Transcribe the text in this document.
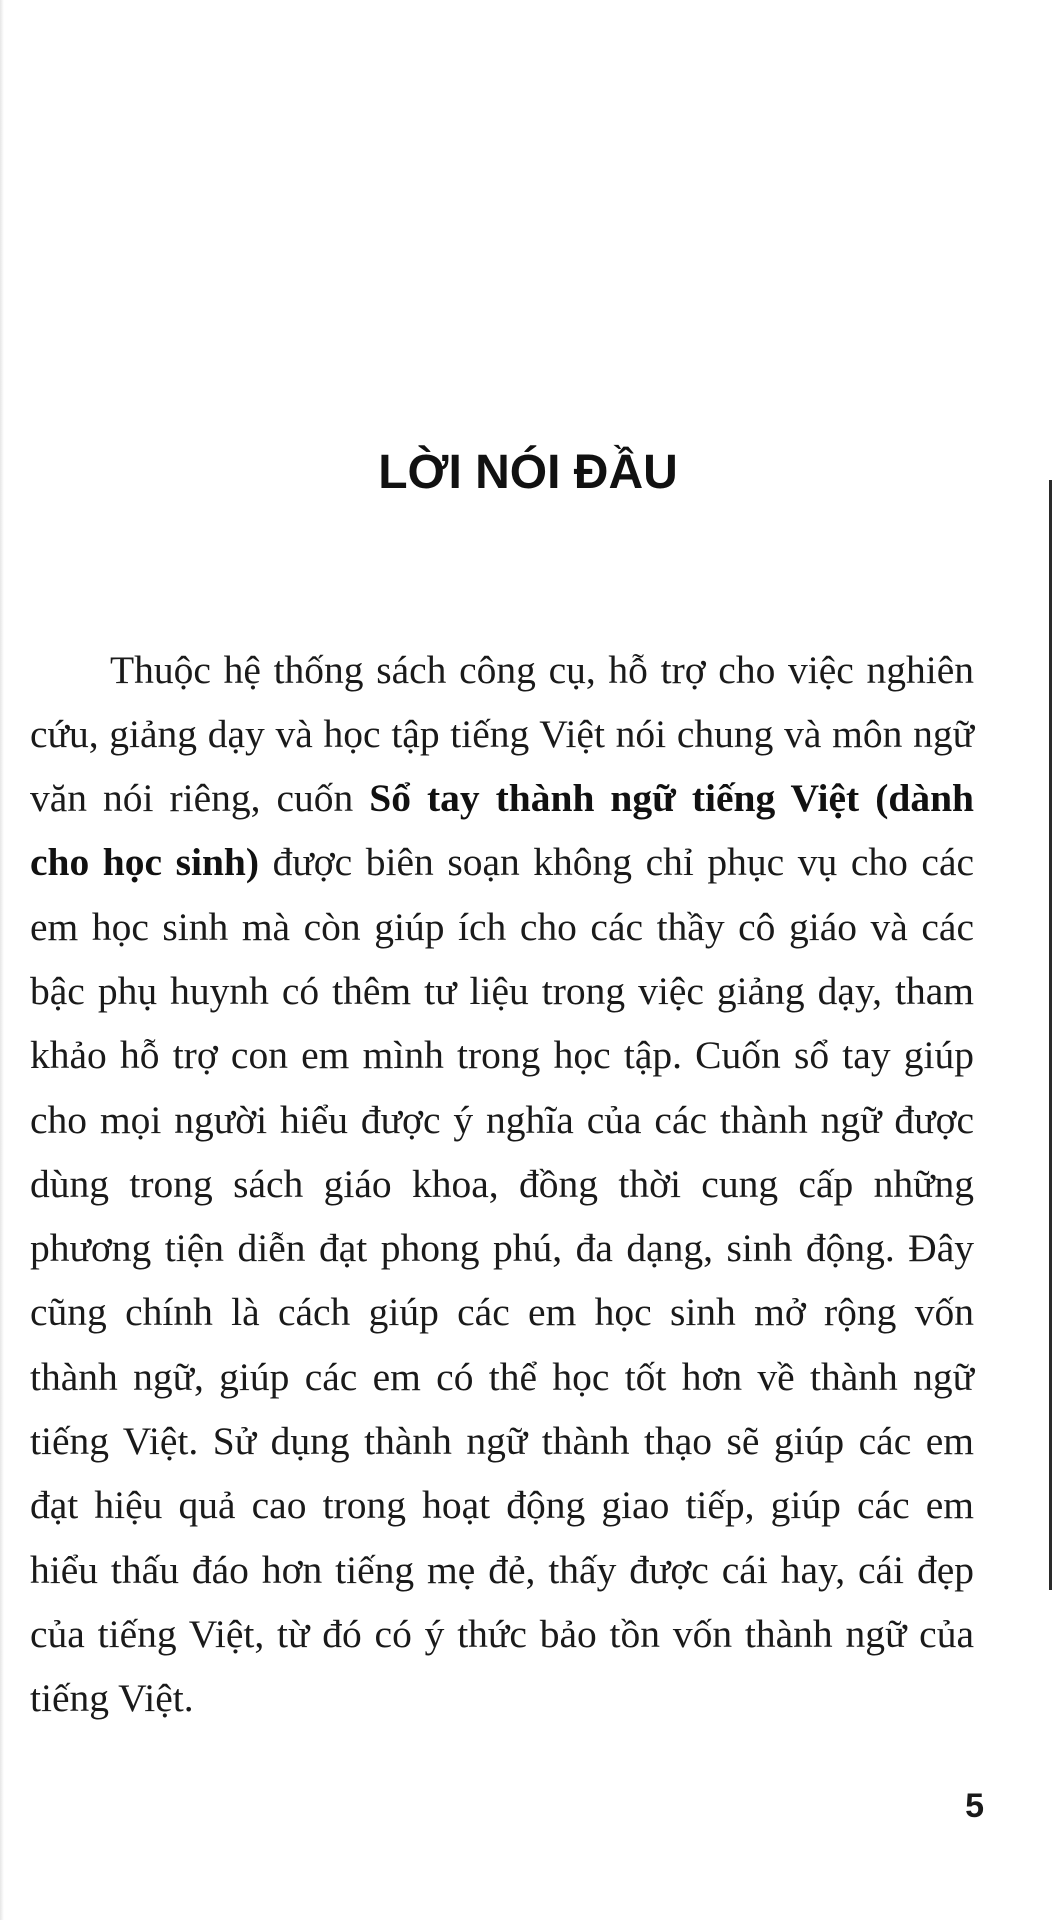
LỜI NÓI ĐẦU

Thuộc hệ thống sách công cụ, hỗ trợ cho việc nghiên cứu, giảng dạy và học tập tiếng Việt nói chung và môn ngữ văn nói riêng, cuốn Sổ tay thành ngữ tiếng Việt (dành cho học sinh) được biên soạn không chỉ phục vụ cho các em học sinh mà còn giúp ích cho các thầy cô giáo và các bậc phụ huynh có thêm tư liệu trong việc giảng dạy, tham khảo hỗ trợ con em mình trong học tập. Cuốn sổ tay giúp cho mọi người hiểu được ý nghĩa của các thành ngữ được dùng trong sách giáo khoa, đồng thời cung cấp những phương tiện diễn đạt phong phú, đa dạng, sinh động. Đây cũng chính là cách giúp các em học sinh mở rộng vốn thành ngữ, giúp các em có thể học tốt hơn về thành ngữ tiếng Việt. Sử dụng thành ngữ thành thạo sẽ giúp các em đạt hiệu quả cao trong hoạt động giao tiếp, giúp các em hiểu thấu đáo hơn tiếng mẹ đẻ, thấy được cái hay, cái đẹp của tiếng Việt, từ đó có ý thức bảo tồn vốn thành ngữ của tiếng Việt.

5
